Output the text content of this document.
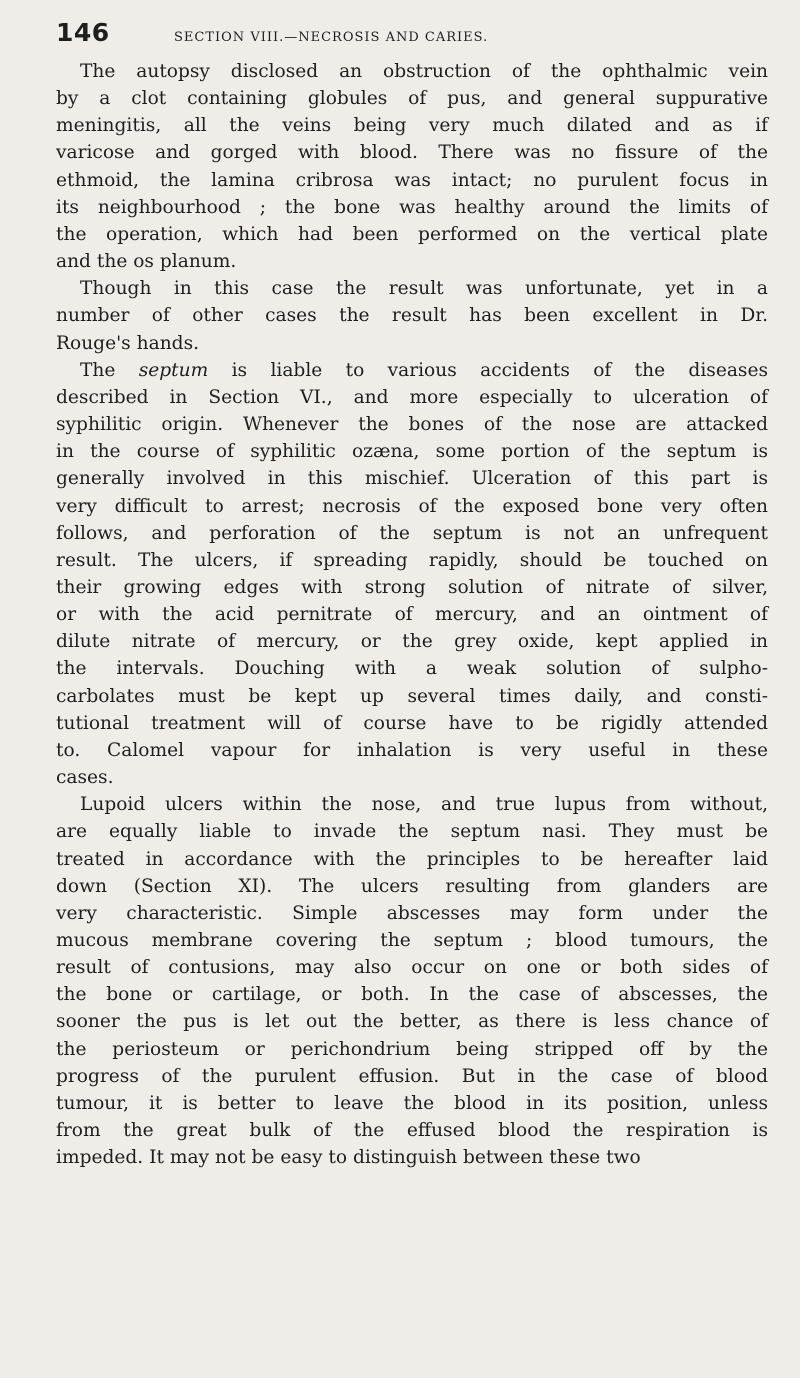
146	SECTION VIII.—NECROSIS AND CARIES.

The autopsy disclosed an obstruction of the ophthalmic vein
by a clot containing globules of pus, and general suppurative
meningitis, all the veins being very much dilated and as if
varicose and gorged with blood. There was no fissure of the
ethmoid, the lamina cribrosa was intact; no purulent focus in
its neighbourhood ; the bone was healthy around the limits of
the operation, which had been performed on the vertical plate
and the os planum.

Though in this case the result was unfortunate, yet in a
number of other cases the result has been excellent in Dr.
Rouge's hands.

The septum is liable to various accidents of the diseases
described in Section VI., and more especially to ulceration of
syphilitic origin. Whenever the bones of the nose are attacked
in the course of syphilitic ozæna, some portion of the septum is
generally involved in this mischief. Ulceration of this part is
very difficult to arrest; necrosis of the exposed bone very often
follows, and perforation of the septum is not an unfrequent
result. The ulcers, if spreading rapidly, should be touched on
their growing edges with strong solution of nitrate of silver,
or with the acid pernitrate of mercury, and an ointment of
dilute nitrate of mercury, or the grey oxide, kept applied in
the intervals. Douching with a weak solution of sulpho-
carbolates must be kept up several times daily, and consti-
tutional treatment will of course have to be rigidly attended
to. Calomel vapour for inhalation is very useful in these
cases.

Lupoid ulcers within the nose, and true lupus from without,
are equally liable to invade the septum nasi. They must be
treated in accordance with the principles to be hereafter laid
down (Section XI). The ulcers resulting from glanders are
very characteristic. Simple abscesses may form under the
mucous membrane covering the septum ; blood tumours, the
result of contusions, may also occur on one or both sides of
the bone or cartilage, or both. In the case of abscesses, the
sooner the pus is let out the better, as there is less chance of
the periosteum or perichondrium being stripped off by the
progress of the purulent effusion. But in the case of blood
tumour, it is better to leave the blood in its position, unless
from the great bulk of the effused blood the respiration is
impeded. It may not be easy to distinguish between these two
